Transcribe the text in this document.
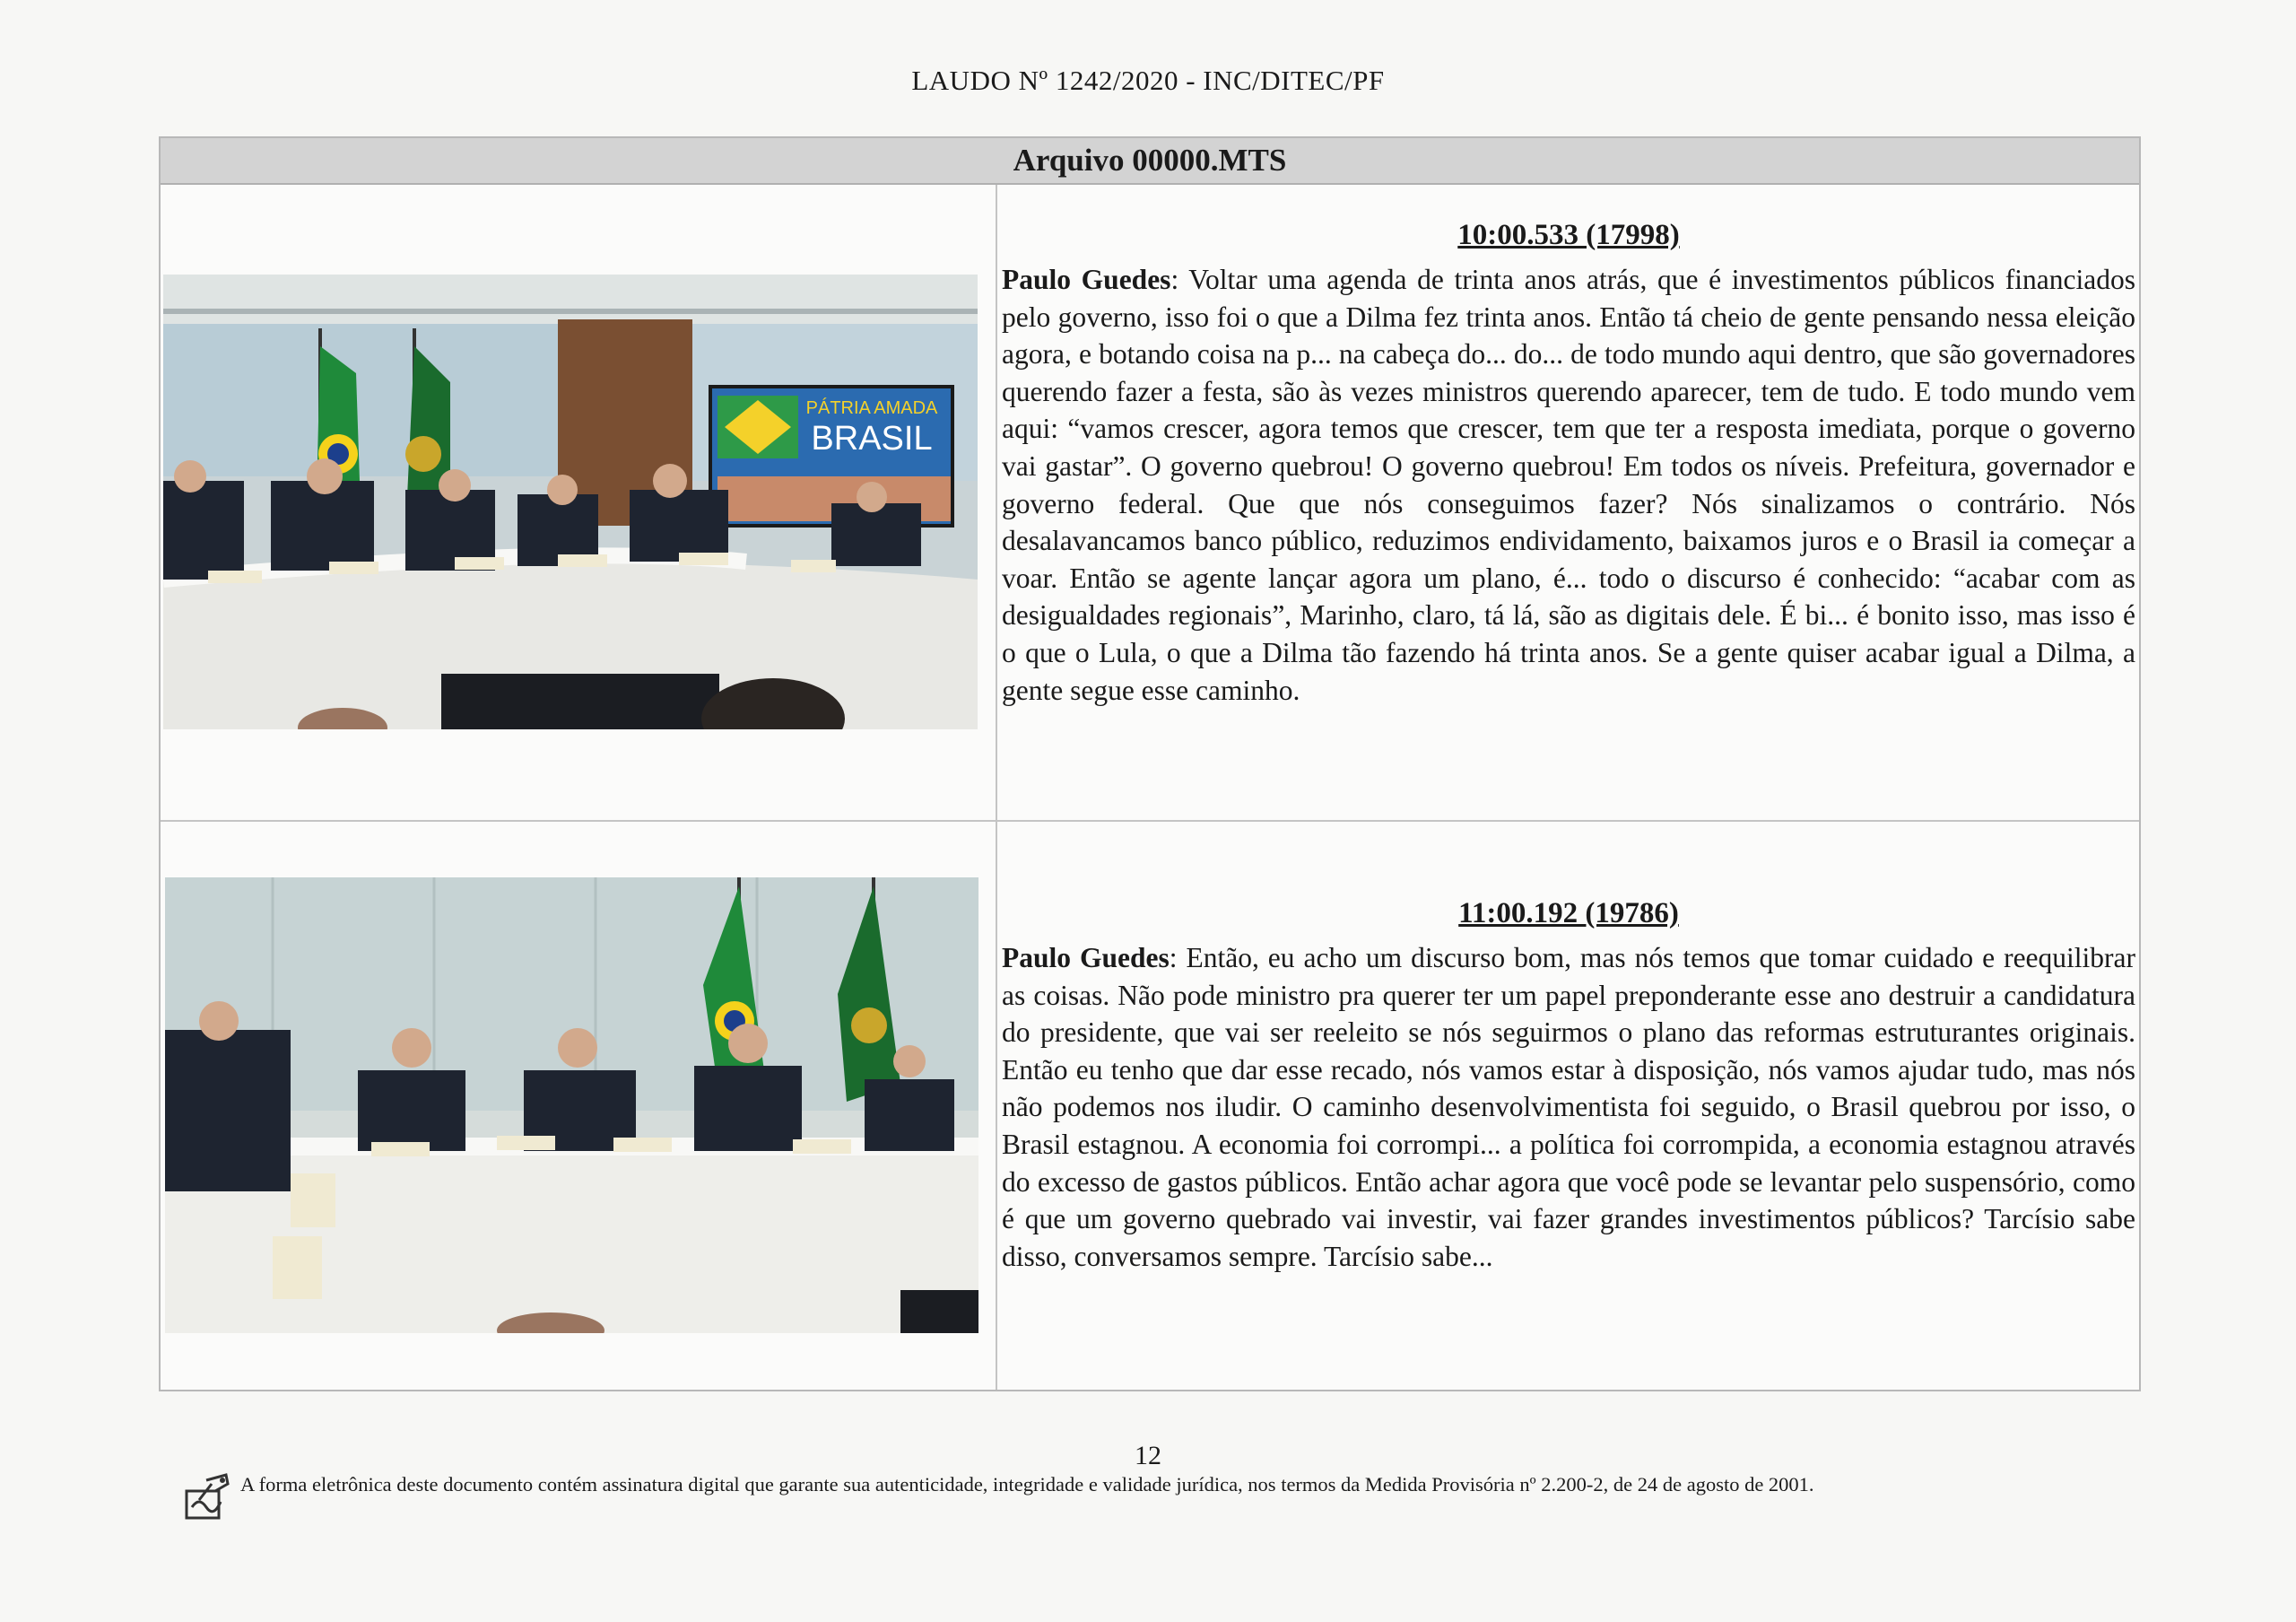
LAUDO Nº 1242/2020 - INC/DITEC/PF
Arquivo 00000.MTS
PÁTRIA AMADA
BRASIL
10:00.533 (17998)

Paulo Guedes: Voltar uma agenda de trinta anos atrás, que é investimentos públicos financiados pelo governo, isso foi o que a Dilma fez trinta anos. Então tá cheio de gente pensando nessa eleição agora, e botando coisa na p... na cabeça do... do... de todo mundo aqui dentro, que são governadores querendo fazer a festa, são às vezes ministros querendo aparecer, tem de tudo. E todo mundo vem aqui: “vamos crescer, agora temos que crescer, tem que ter a resposta imediata, porque o governo vai gastar”. O governo quebrou! O governo quebrou! Em todos os níveis. Prefeitura, governador e governo federal. Que que nós conseguimos fazer? Nós sinalizamos o contrário. Nós desalavancamos banco público, reduzimos endividamento, baixamos juros e o Brasil ia começar a voar. Então se agente lançar agora um plano, é... todo o discurso é conhecido: “acabar com as desigualdades regionais”, Marinho, claro, tá lá, são as digitais dele. É bi... é bonito isso, mas isso é o que o Lula, o que a Dilma tão fazendo há trinta anos. Se a gente quiser acabar igual a Dilma, a gente segue esse caminho.

11:00.192 (19786)

Paulo Guedes: Então, eu acho um discurso bom, mas nós temos que tomar cuidado e reequilibrar as coisas. Não pode ministro pra querer ter um papel preponderante esse ano destruir a candidatura do presidente, que vai ser reeleito se nós seguirmos o plano das reformas estruturantes originais. Então eu tenho que dar esse recado, nós vamos estar à disposição, nós vamos ajudar tudo, mas nós não podemos nos iludir. O caminho desenvolvimentista foi seguido, o Brasil quebrou por isso, o Brasil estagnou. A economia foi corrompi... a política foi corrompida, a economia estagnou através do excesso de gastos públicos. Então achar agora que você pode se levantar pelo suspensório, como é que um governo quebrado vai investir, vai fazer grandes investimentos públicos? Tarcísio sabe disso, conversamos sempre. Tarcísio sabe...

12
A forma eletrônica deste documento contém assinatura digital que garante sua autenticidade, integridade e validade jurídica, nos termos da Medida Provisória nº 2.200-2, de 24 de agosto de 2001.
